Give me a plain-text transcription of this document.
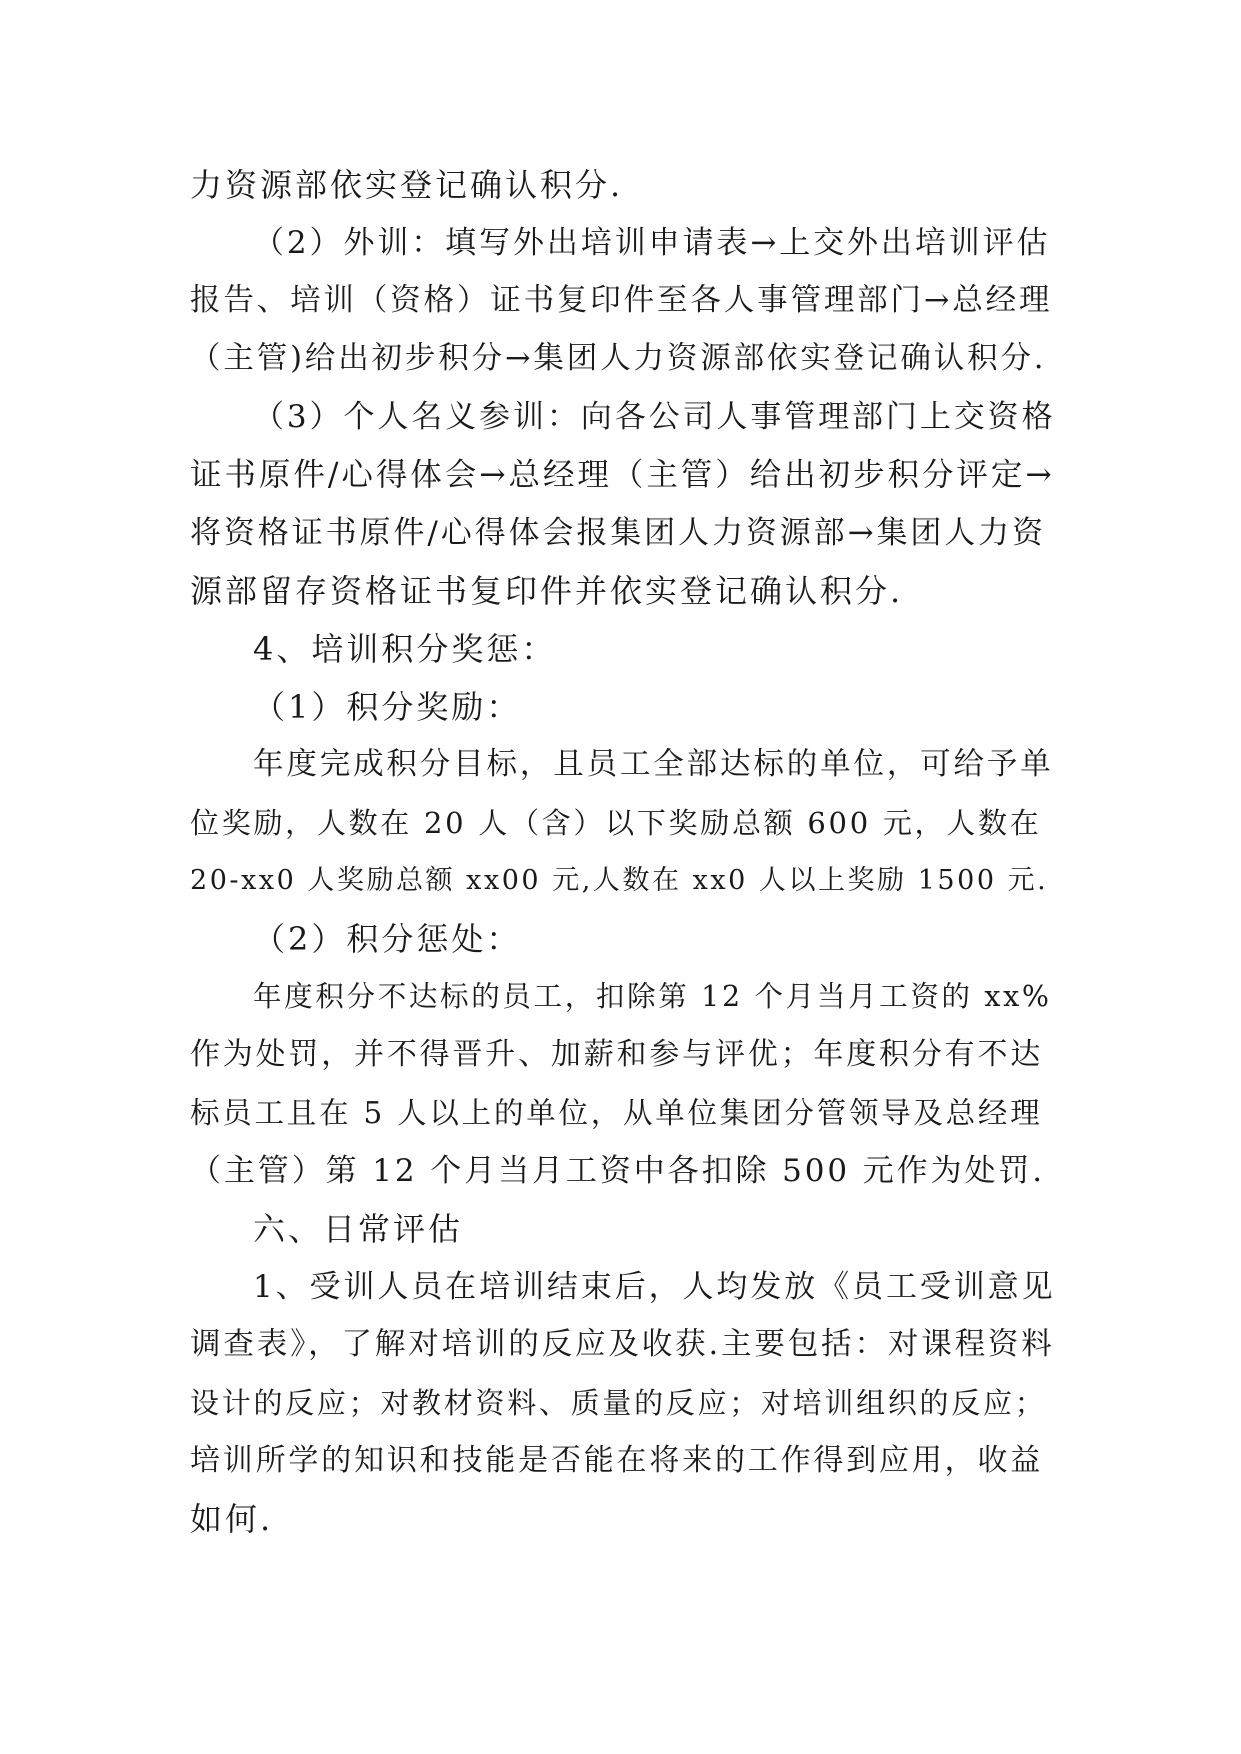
力资源部依实登记确认积分.
（2）外训：填写外出培训申请表→上交外出培训评估
报告、培训（资格）证书复印件至各人事管理部门→总经理
（主管)给出初步积分→集团人力资源部依实登记确认积分.
（3）个人名义参训：向各公司人事管理部门上交资格
证书原件/心得体会→总经理（主管）给出初步积分评定→
将资格证书原件/心得体会报集团人力资源部→集团人力资
源部留存资格证书复印件并依实登记确认积分.
4、培训积分奖惩：
（1）积分奖励：
年度完成积分目标，且员工全部达标的单位，可给予单
位奖励，人数在 20 人（含）以下奖励总额 600 元，人数在
20-xx0 人奖励总额 xx00 元,人数在 xx0 人以上奖励 1500 元.
（2）积分惩处：
年度积分不达标的员工，扣除第 12 个月当月工资的 xx%
作为处罚，并不得晋升、加薪和参与评优；年度积分有不达
标员工且在 5 人以上的单位，从单位集团分管领导及总经理
（主管）第 12 个月当月工资中各扣除 500 元作为处罚.
六、日常评估
1、受训人员在培训结束后，人均发放《员工受训意见
调查表》，了解对培训的反应及收获.主要包括：对课程资料
设计的反应；对教材资料、质量的反应；对培训组织的反应；
培训所学的知识和技能是否能在将来的工作得到应用，收益
如何.
